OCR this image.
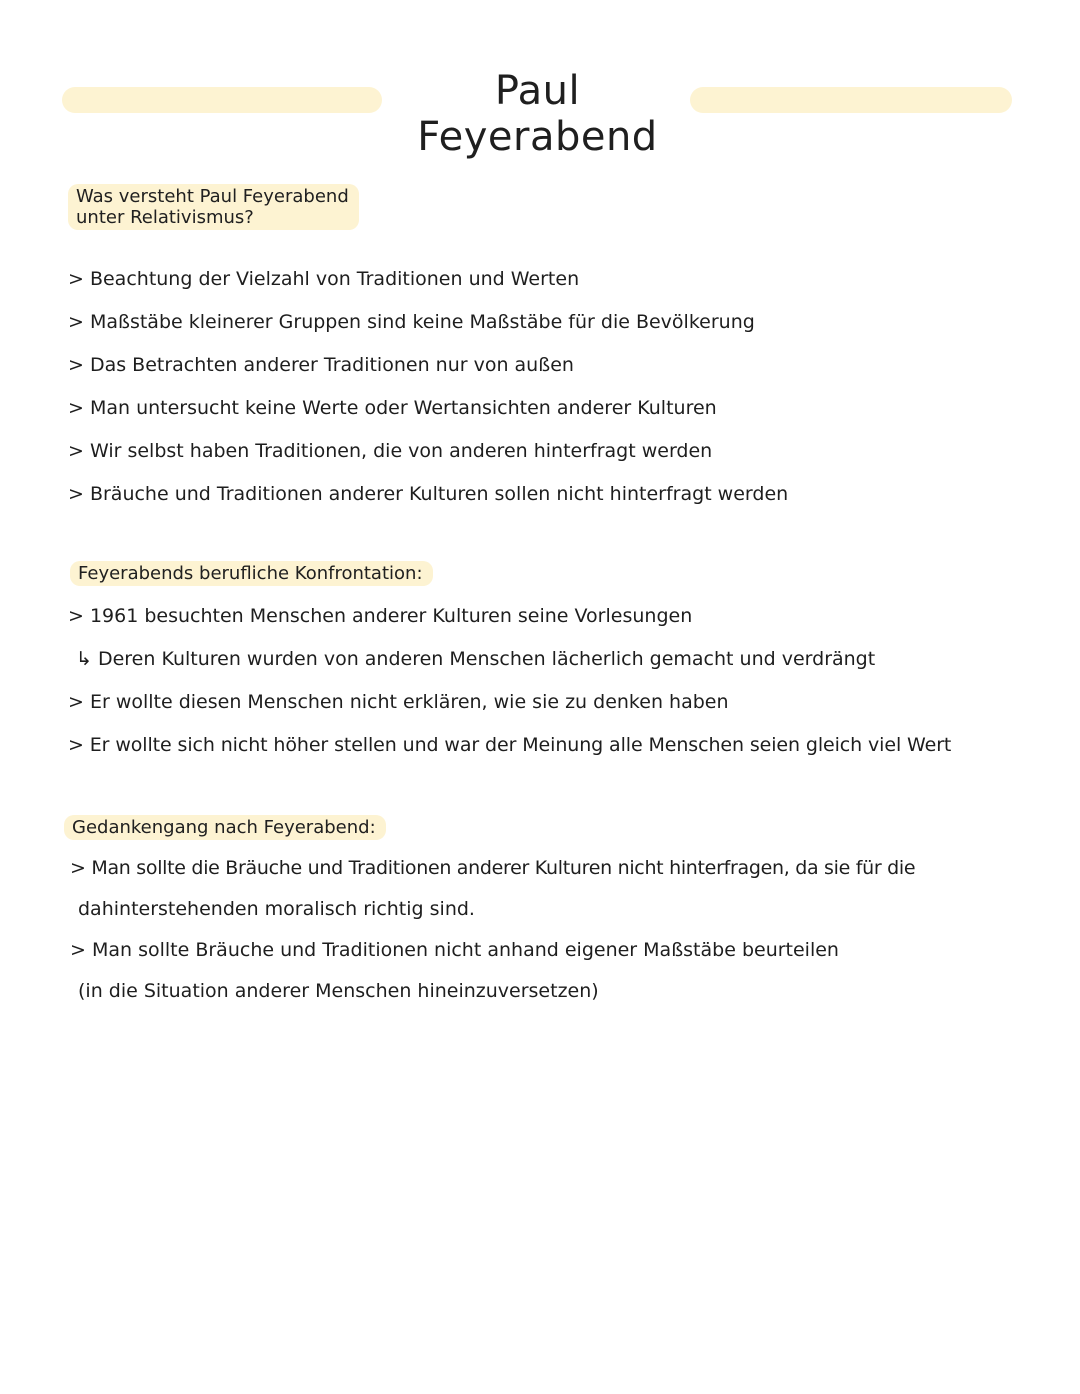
Paul Feyerabend
Was versteht Paul Feyerabend
unter Relativismus?
> Beachtung der Vielzahl von Traditionen und Werten
> Maßstäbe kleinerer Gruppen sind keine Maßstäbe für die Bevölkerung
> Das Betrachten anderer Traditionen nur von außen
> Man untersucht keine Werte oder Wertansichten anderer Kulturen
> Wir selbst haben Traditionen, die von anderen hinterfragt werden
> Bräuche und Traditionen anderer Kulturen sollen nicht hinterfragt werden
Feyerabends berufliche Konfrontation:
> 1961 besuchten Menschen anderer Kulturen seine Vorlesungen
↳ Deren Kulturen wurden von anderen Menschen lächerlich gemacht und verdrängt
> Er wollte diesen Menschen nicht erklären, wie sie zu denken haben
> Er wollte sich nicht höher stellen und war der Meinung alle Menschen seien gleich viel Wert
Gedankengang nach Feyerabend:
> Man sollte die Bräuche und Traditionen anderer Kulturen nicht hinterfragen, da sie für die
dahinterstehenden moralisch richtig sind.
> Man sollte Bräuche und Traditionen nicht anhand eigener Maßstäbe beurteilen
(in die Situation anderer Menschen hineinzuversetzen)
